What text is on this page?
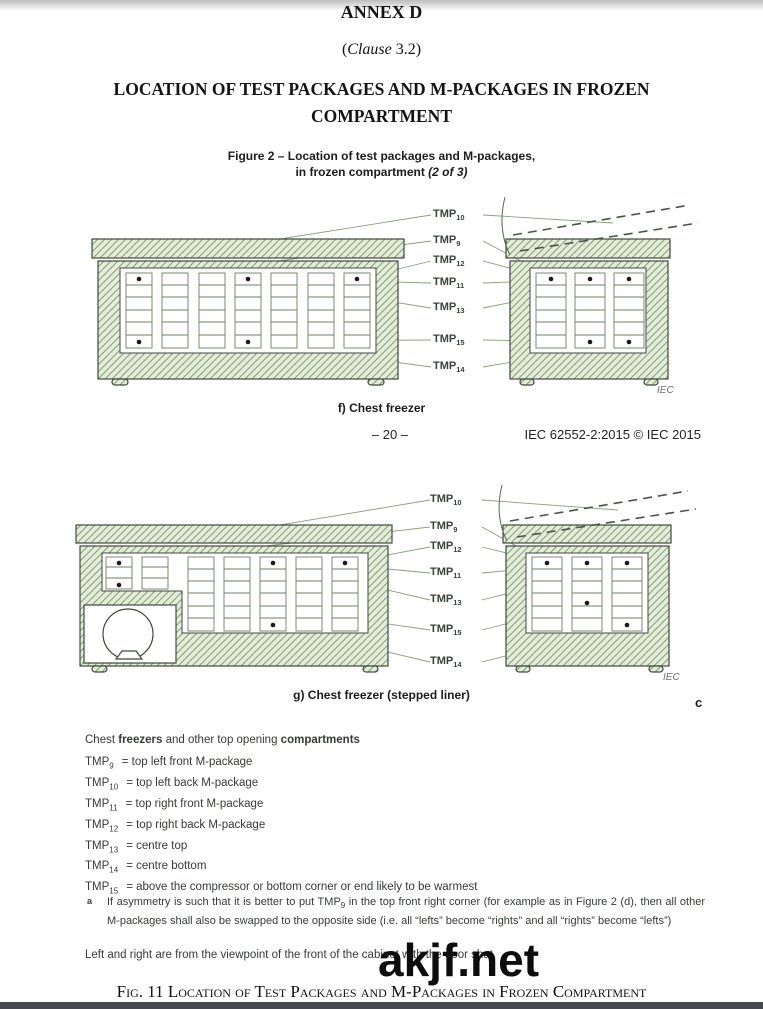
ANNEX D
(Clause 3.2)
LOCATION OF TEST PACKAGES AND M-PACKAGES IN FROZEN COMPARTMENT
Figure 2 – Location of test packages and M-packages,
in frozen compartment (2 of 3)
$TMP_{10}$
$TMP_9$
$TMP_{12}$
$TMP_{11}$
$TMP_{13}$
$TMP_{15}$
$TMP_{14}$
IEC
f) Chest freezer
– 20 –	IEC 62552-2:2015 © IEC 2015
$TMP_{10}$
$TMP_9$
$TMP_{12}$
$TMP_{11}$
$TMP_{13}$
$TMP_{15}$
$TMP_{14}$
IEC
g) Chest freezer (stepped liner)	c
Chest freezers and other top opening compartments
$TMP_9$ = top left front M-package
$TMP_{10}$ = top left back M-package
$TMP_{11}$ = top right front M-package
$TMP_{12}$ = top right back M-package
$TMP_{13}$ = centre top
$TMP_{14}$ = centre bottom
$TMP_{15}$ = above the compressor or bottom corner or end likely to be warmest
a If asymmetry is such that it is better to put $TMP_9$ in the top front right corner (for example as in Figure 2 (d), then all other M-packages shall also be swapped to the opposite side (i.e. all “lefts” become “rights” and all “rights” become “lefts”)
Left and right are from the viewpoint of the front of the cabinet with the door shut.
akjf.net
Fig. 11 Location of Test Packages and M-Packages in Frozen Compartment
